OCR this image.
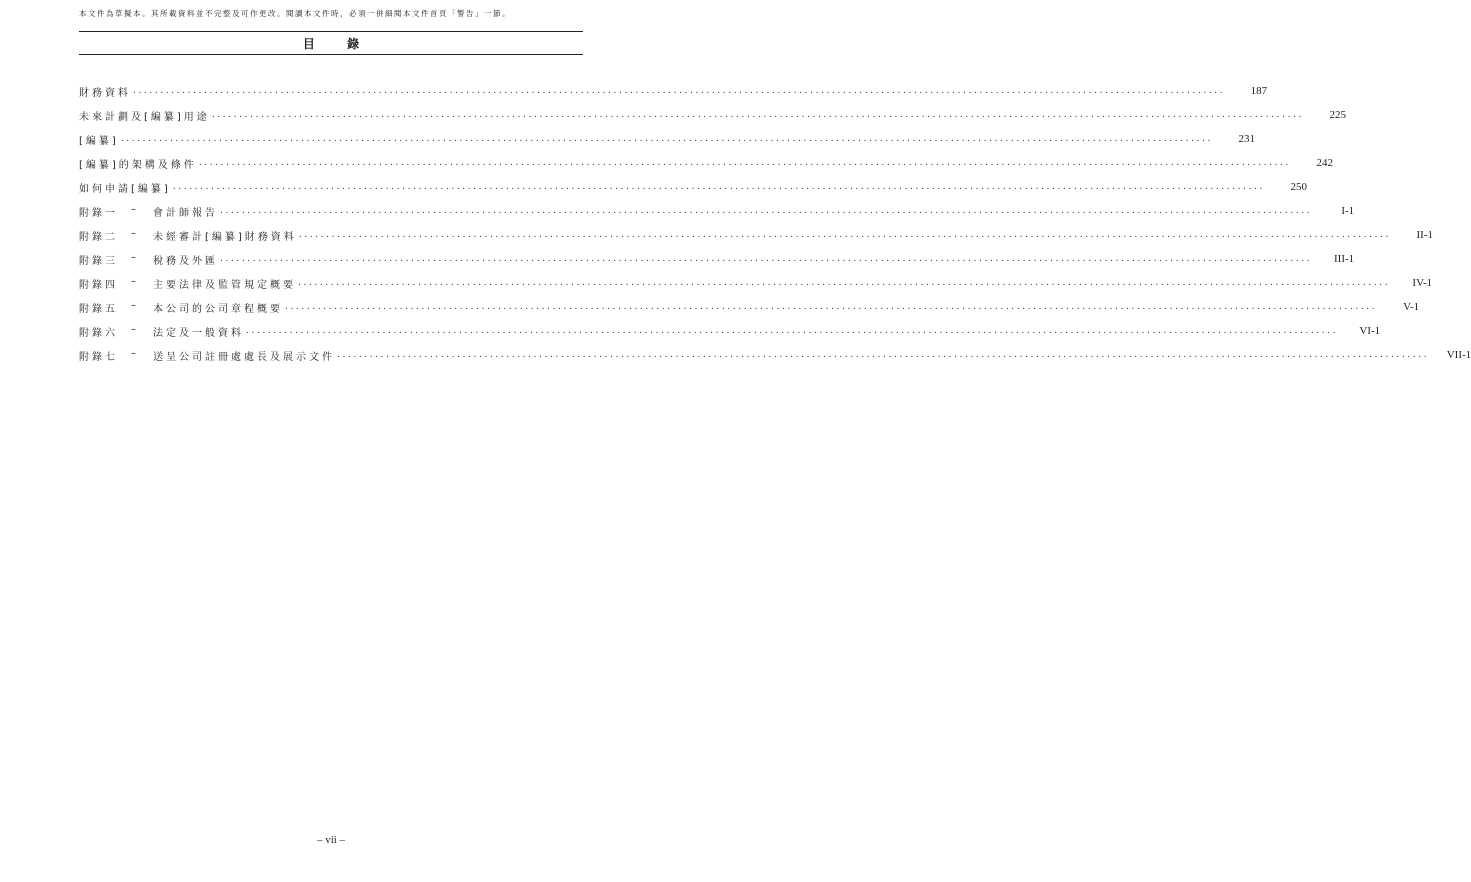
本文件為草擬本。其所載資料並不完整及可作更改。閱讀本文件時，必須一併細閱本文件首頁「警告」一節。
目 錄
財務資料 ........................................................................................................................................................................................................	187
未來計劃及[編纂]用途 ........................................................................................................................................................................................................	225
[編纂] ........................................................................................................................................................................................................	231
[編纂]的架構及條件 ........................................................................................................................................................................................................	242
如何申請[編纂] ........................................................................................................................................................................................................	250
附錄一	–	會計師報告 ........................................................................................................................................................................................................	I-1
附錄二	–	未經審計[編纂]財務資料 ........................................................................................................................................................................................................	II-1
附錄三	–	稅務及外匯 ........................................................................................................................................................................................................	III-1
附錄四	–	主要法律及監管規定概要 ........................................................................................................................................................................................................	IV-1
附錄五	–	本公司的公司章程概要 ........................................................................................................................................................................................................	V-1
附錄六	–	法定及一般資料 ........................................................................................................................................................................................................	VI-1
附錄七	–	送呈公司註冊處處長及展示文件 ........................................................................................................................................................................................................	VII-1
– vii –
